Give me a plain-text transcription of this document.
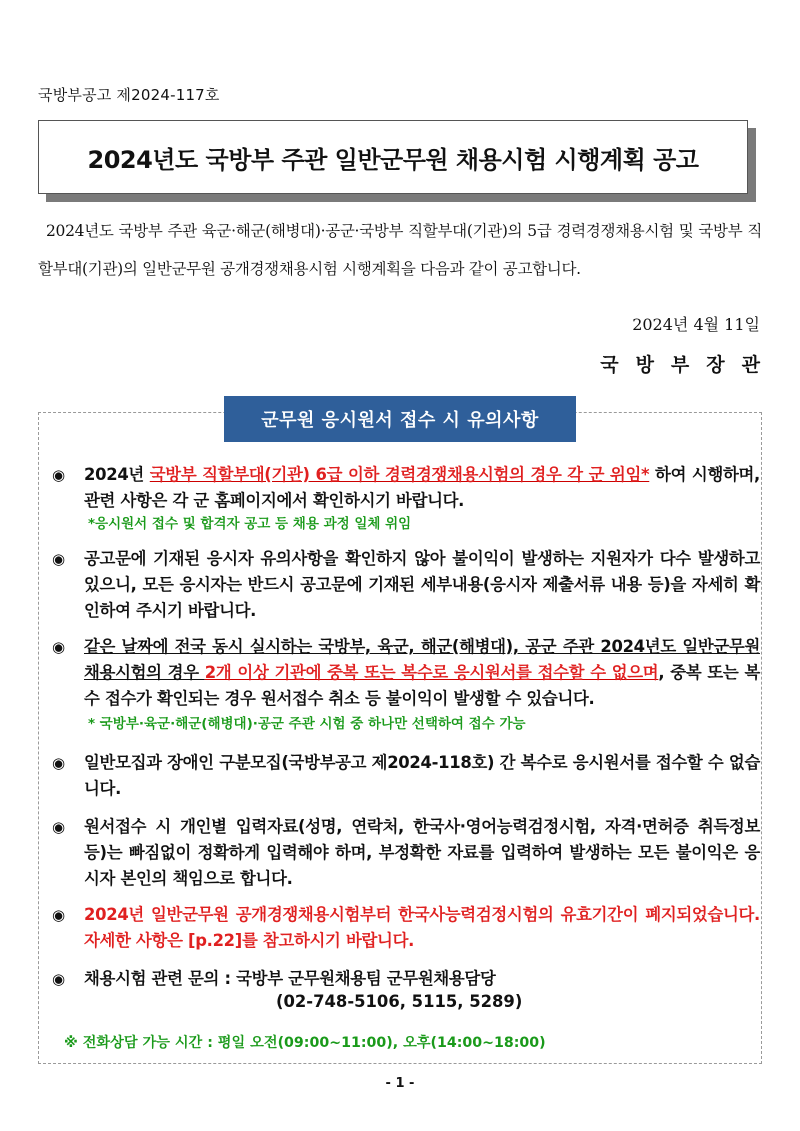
국방부공고 제2024-117호
2024년도 국방부 주관 일반군무원 채용시험 시행계획 공고
2024년도 국방부 주관 육군·해군(해병대)·공군·국방부 직할부대(기관)의 5급 경력경쟁채용시험 및 국방부 직할부대(기관)의 일반군무원 공개경쟁채용시험 시행계획을 다음과 같이 공고합니다.
2024년 4월 11일
국방부장관
군무원 응시원서 접수 시 유의사항
◉ 2024년 국방부 직할부대(기관) 6급 이하 경력경쟁채용시험의 경우 각 군 위임* 하여 시행하며, 관련 사항은 각 군 홈페이지에서 확인하시기 바랍니다.
*응시원서 접수 및 합격자 공고 등 채용 과정 일체 위임
◉ 공고문에 기재된 응시자 유의사항을 확인하지 않아 불이익이 발생하는 지원자가 다수 발생하고 있으니, 모든 응시자는 반드시 공고문에 기재된 세부내용(응시자 제출서류 내용 등)을 자세히 확인하여 주시기 바랍니다.
◉ 같은 날짜에 전국 동시 실시하는 국방부, 육군, 해군(해병대), 공군 주관 2024년도 일반군무원 채용시험의 경우 2개 이상 기관에 중복 또는 복수로 응시원서를 접수할 수 없으며, 중복 또는 복수 접수가 확인되는 경우 원서접수 취소 등 불이익이 발생할 수 있습니다.
* 국방부·육군·해군(해병대)·공군 주관 시험 중 하나만 선택하여 접수 가능
◉ 일반모집과 장애인 구분모집(국방부공고 제2024-118호) 간 복수로 응시원서를 접수할 수 없습니다.
◉ 원서접수 시 개인별 입력자료(성명, 연락처, 한국사·영어능력검정시험, 자격·면허증 취득정보 등)는 빠짐없이 정확하게 입력해야 하며, 부정확한 자료를 입력하여 발생하는 모든 불이익은 응시자 본인의 책임으로 합니다.
◉ 2024년 일반군무원 공개경쟁채용시험부터 한국사능력검정시험의 유효기간이 폐지되었습니다. 자세한 사항은 [p.22]를 참고하시기 바랍니다.
◉ 채용시험 관련 문의 : 국방부 군무원채용팀 군무원채용담당
(02-748-5106, 5115, 5289)
※ 전화상담 가능 시간 : 평일 오전(09:00~11:00), 오후(14:00~18:00)
- 1 -
